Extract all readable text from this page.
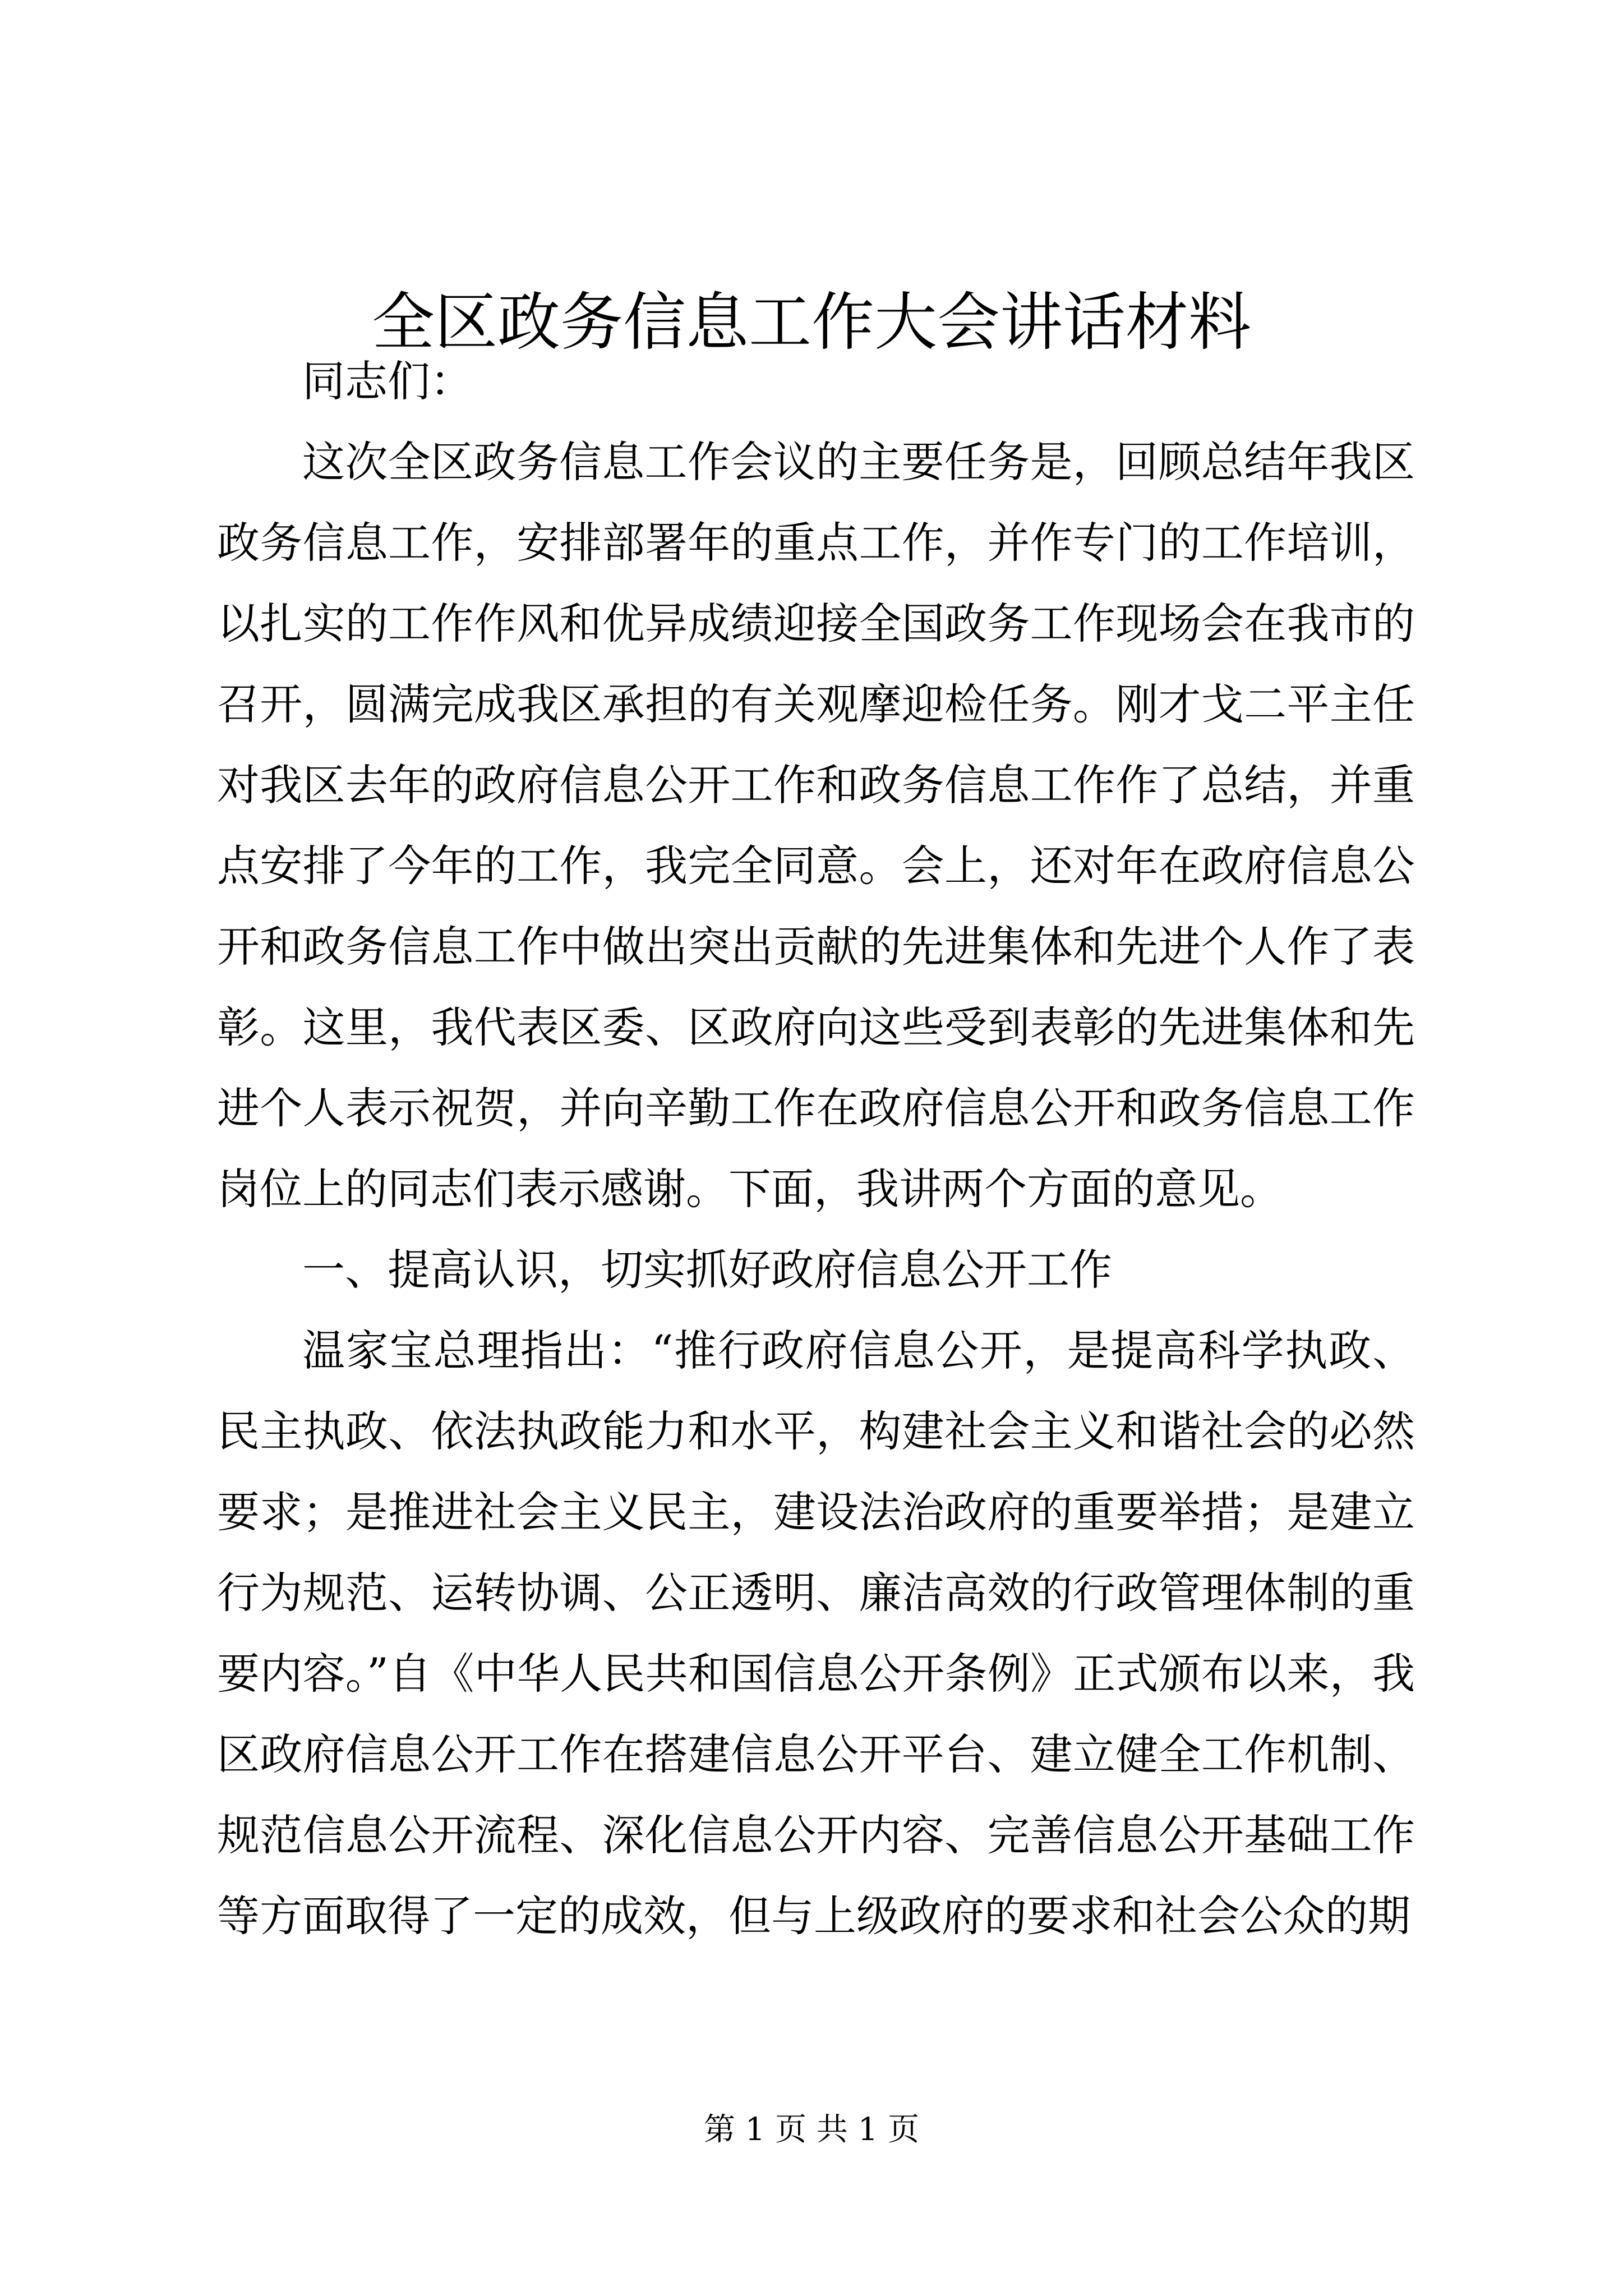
全区政务信息工作大会讲话材料

同志们：

这次全区政务信息工作会议的主要任务是，回顾总结年我区政务信息工作，安排部署年的重点工作，并作专门的工作培训，以扎实的工作作风和优异成绩迎接全国政务工作现场会在我市的召开，圆满完成我区承担的有关观摩迎检任务。刚才戈二平主任对我区去年的政府信息公开工作和政务信息工作作了总结，并重点安排了今年的工作，我完全同意。会上，还对年在政府信息公开和政务信息工作中做出突出贡献的先进集体和先进个人作了表彰。这里，我代表区委、区政府向这些受到表彰的先进集体和先进个人表示祝贺，并向辛勤工作在政府信息公开和政务信息工作岗位上的同志们表示感谢。下面，我讲两个方面的意见。

一、提高认识，切实抓好政府信息公开工作

温家宝总理指出：“推行政府信息公开，是提高科学执政、民主执政、依法执政能力和水平，构建社会主义和谐社会的必然要求；是推进社会主义民主，建设法治政府的重要举措；是建立行为规范、运转协调、公正透明、廉洁高效的行政管理体制的重要内容。”自《中华人民共和国信息公开条例》正式颁布以来，我区政府信息公开工作在搭建信息公开平台、建立健全工作机制、规范信息公开流程、深化信息公开内容、完善信息公开基础工作等方面取得了一定的成效，但与上级政府的要求和社会公众的期

第 1 页 共 1 页
